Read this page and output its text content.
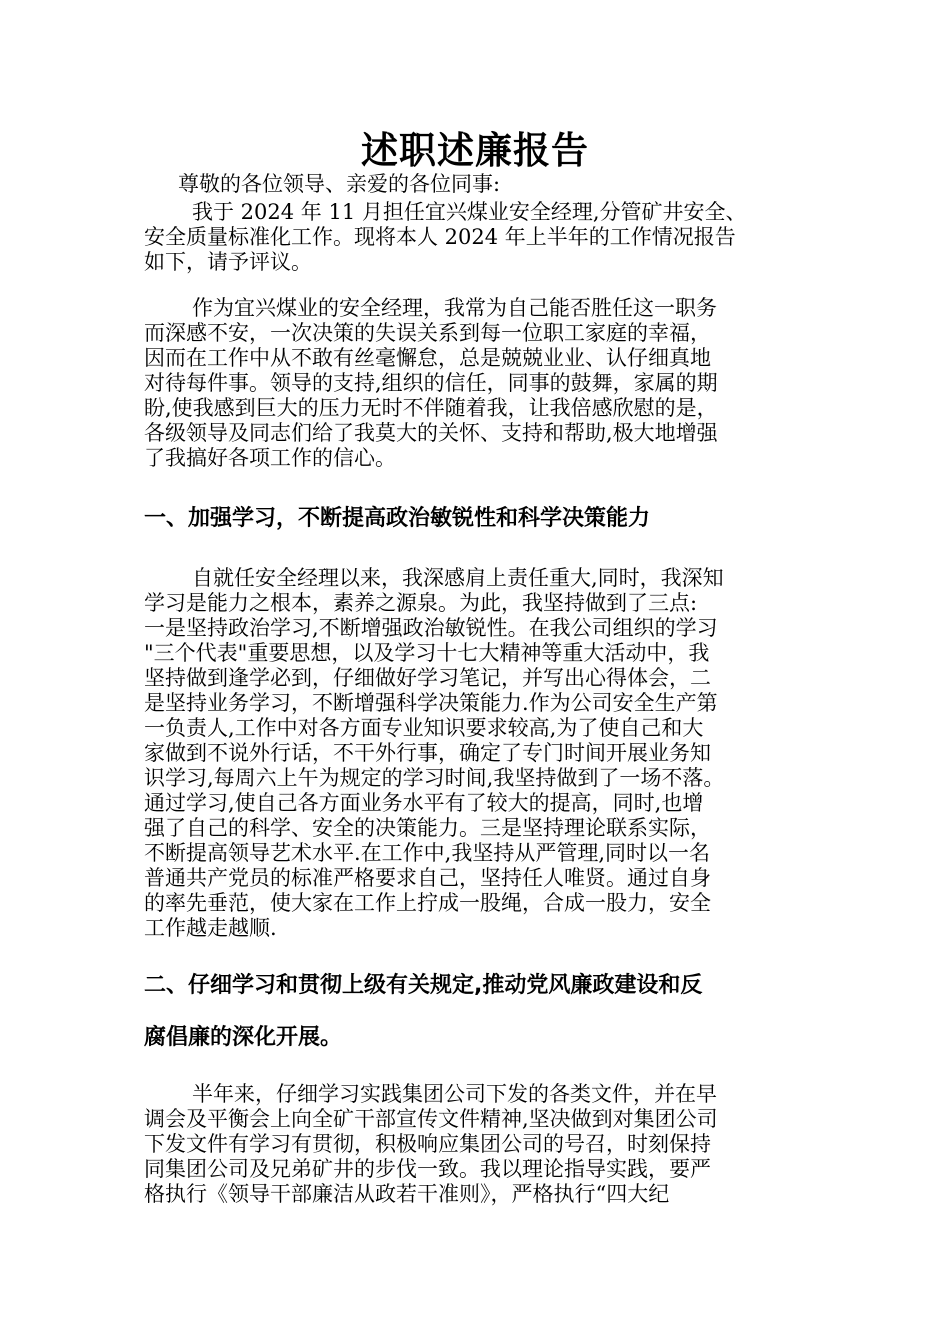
述职述廉报告
尊敬的各位领导、亲爱的各位同事:
我于 2024 年 11 月担任宜兴煤业安全经理,分管矿井安全、
安全质量标准化工作。现将本人 2024 年上半年的工作情况报告
如下，请予评议。
作为宜兴煤业的安全经理，我常为自己能否胜任这一职务
而深感不安，一次决策的失误关系到每一位职工家庭的幸福，
因而在工作中从不敢有丝毫懈怠，总是兢兢业业、认仔细真地
对待每件事。领导的支持,组织的信任，同事的鼓舞，家属的期
盼,使我感到巨大的压力无时不伴随着我，让我倍感欣慰的是，
各级领导及同志们给了我莫大的关怀、支持和帮助,极大地增强
了我搞好各项工作的信心。
一、加强学习，不断提高政治敏锐性和科学决策能力
自就任安全经理以来，我深感肩上责任重大,同时，我深知
学习是能力之根本，素养之源泉。为此，我坚持做到了三点:
一是坚持政治学习,不断增强政治敏锐性。在我公司组织的学习
"三个代表"重要思想，以及学习十七大精神等重大活动中，我
坚持做到逢学必到，仔细做好学习笔记，并写出心得体会，二
是坚持业务学习，不断增强科学决策能力.作为公司安全生产第
一负责人,工作中对各方面专业知识要求较高,为了使自己和大
家做到不说外行话，不干外行事，确定了专门时间开展业务知
识学习,每周六上午为规定的学习时间,我坚持做到了一场不落。
通过学习,使自己各方面业务水平有了较大的提高，同时,也增
强了自己的科学、安全的决策能力。三是坚持理论联系实际，
不断提高领导艺术水平.在工作中,我坚持从严管理,同时以一名
普通共产党员的标准严格要求自己，坚持任人唯贤。通过自身
的率先垂范，使大家在工作上拧成一股绳，合成一股力，安全
工作越走越顺.
二、仔细学习和贯彻上级有关规定,推动党风廉政建设和反
腐倡廉的深化开展。
半年来，仔细学习实践集团公司下发的各类文件，并在早
调会及平衡会上向全矿干部宣传文件精神,坚决做到对集团公司
下发文件有学习有贯彻，积极响应集团公司的号召，时刻保持
同集团公司及兄弟矿井的步伐一致。我以理论指导实践，要严
格执行《领导干部廉洁从政若干准则》，严格执行“四大纪
